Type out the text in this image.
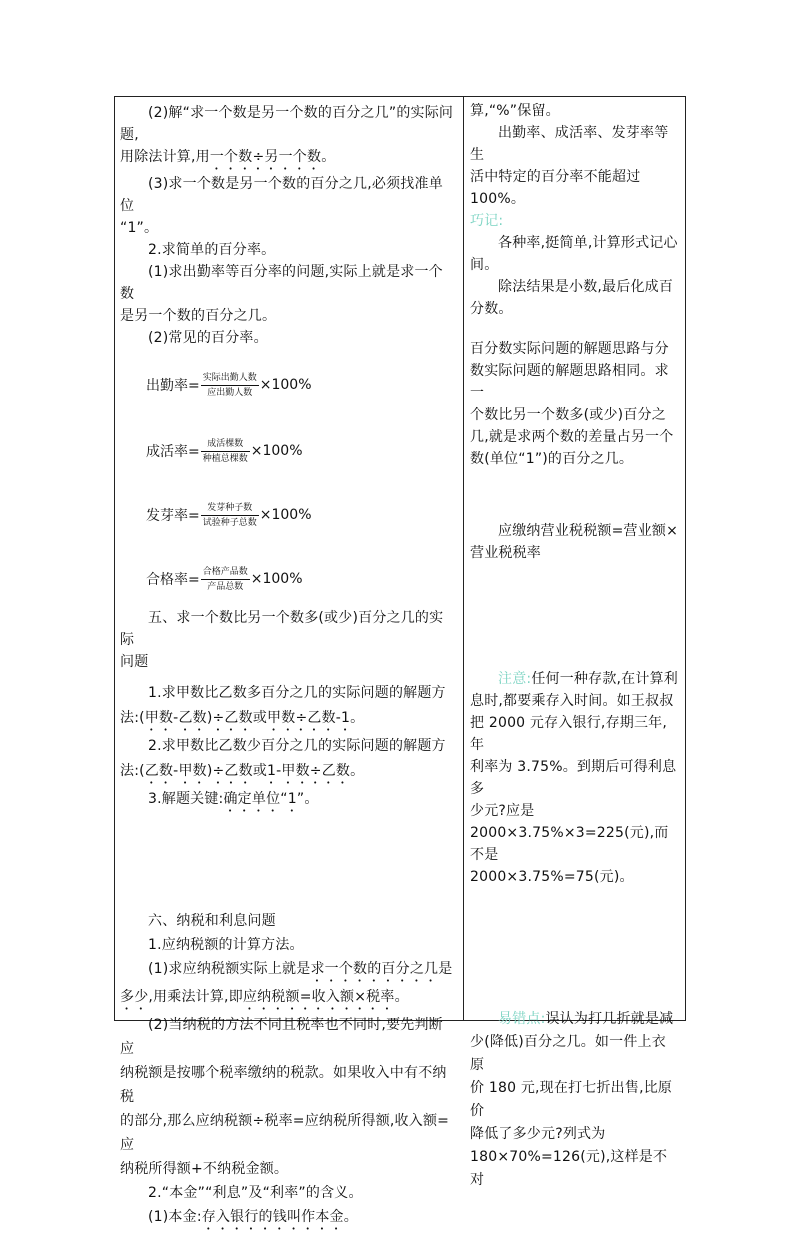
(2)解“求一个数是另一个数的百分之几”的实际问题,

用除法计算,用一个数÷另一个数。

(3)求一个数是另一个数的百分之几,必须找准单位

“1”。

2.求简单的百分率。

(1)求出勤率等百分率的问题,实际上就是求一个数

是另一个数的百分之几。

(2)常见的百分率。

出勤率= $\frac{\text{实际出勤人数}}{\text{应出勤人数}} \times 100\%$
成活率= $\frac{\text{成活棵数}}{\text{种植总棵数}} \times 100\%$
发芽率= $\frac{\text{发芽种子数}}{\text{试验种子总数}} \times 100\%$
合格率= $\frac{\text{合格产品数}}{\text{产品总数}} \times 100\%$

五、求一个数比另一个数多(或少)百分之几的实际

问题

1.求甲数比乙数多百分之几的实际问题的解题方

法:(甲数-乙数)÷乙数或甲数÷乙数-1。

2.求甲数比乙数少百分之几的实际问题的解题方

法:(乙数-甲数)÷乙数或1-甲数÷乙数。

3.解题关键:确定单位“1”。

六、纳税和利息问题

1.应纳税额的计算方法。

(1)求应纳税额实际上就是求一个数的百分之几是

多少,用乘法计算,即应纳税额=收入额×税率。

(2)当纳税的方法不同且税率也不同时,要先判断应

纳税额是按哪个税率缴纳的税款。如果收入中有不纳税

的部分,那么应纳税额÷税率=应纳税所得额,收入额=应

纳税所得额+不纳税金额。

2.“本金”“利息”及“利率”的含义。

(1)本金:存入银行的钱叫作本金。

算,“%”保留。

出勤率、成活率、发芽率等生

活中特定的百分率不能超过

100%。

巧记:

各种率,挺简单,计算形式记心

间。

除法结果是小数,最后化成百

分数。

百分数实际问题的解题思路与分

数实际问题的解题思路相同。求一

个数比另一个数多(或少)百分之

几,就是求两个数的差量占另一个

数(单位“1”)的百分之几。

应缴纳营业税税额=营业额×

营业税税率

注意:任何一种存款,在计算利

息时,都要乘存入时间。如王叔叔

把 2000 元存入银行,存期三年,年

利率为 3.75%。到期后可得利息多

少元?应是

2000×3.75%×3=225(元),而不是

2000×3.75%=75(元)。

易错点:误认为打几折就是减

少(降低)百分之几。如一件上衣原

价 180 元,现在打七折出售,比原价

降低了多少元?列式为

180×70%=126(元),这样是不对
